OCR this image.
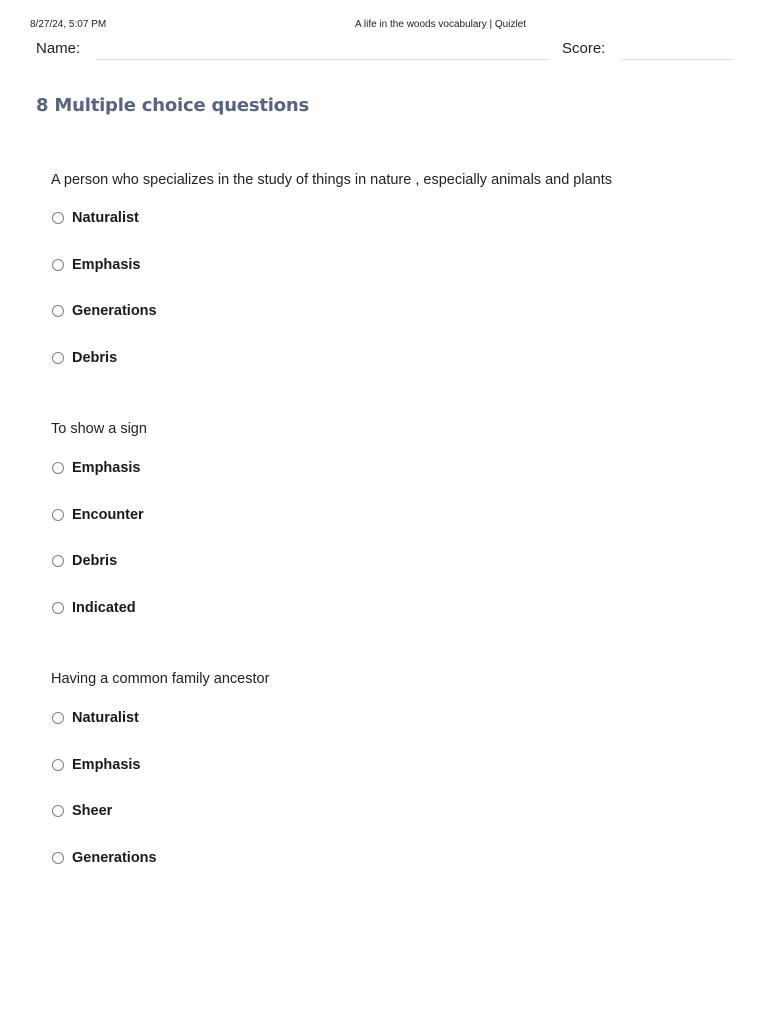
8/27/24, 5:07 PM	A life in the woods vocabulary | Quizlet
Name:	Score:
8 Multiple choice questions
A person who specializes in the study of things in nature , especially animals and plants
Naturalist
Emphasis
Generations
Debris
To show a sign
Emphasis
Encounter
Debris
Indicated
Having a common family ancestor
Naturalist
Emphasis
Sheer
Generations
